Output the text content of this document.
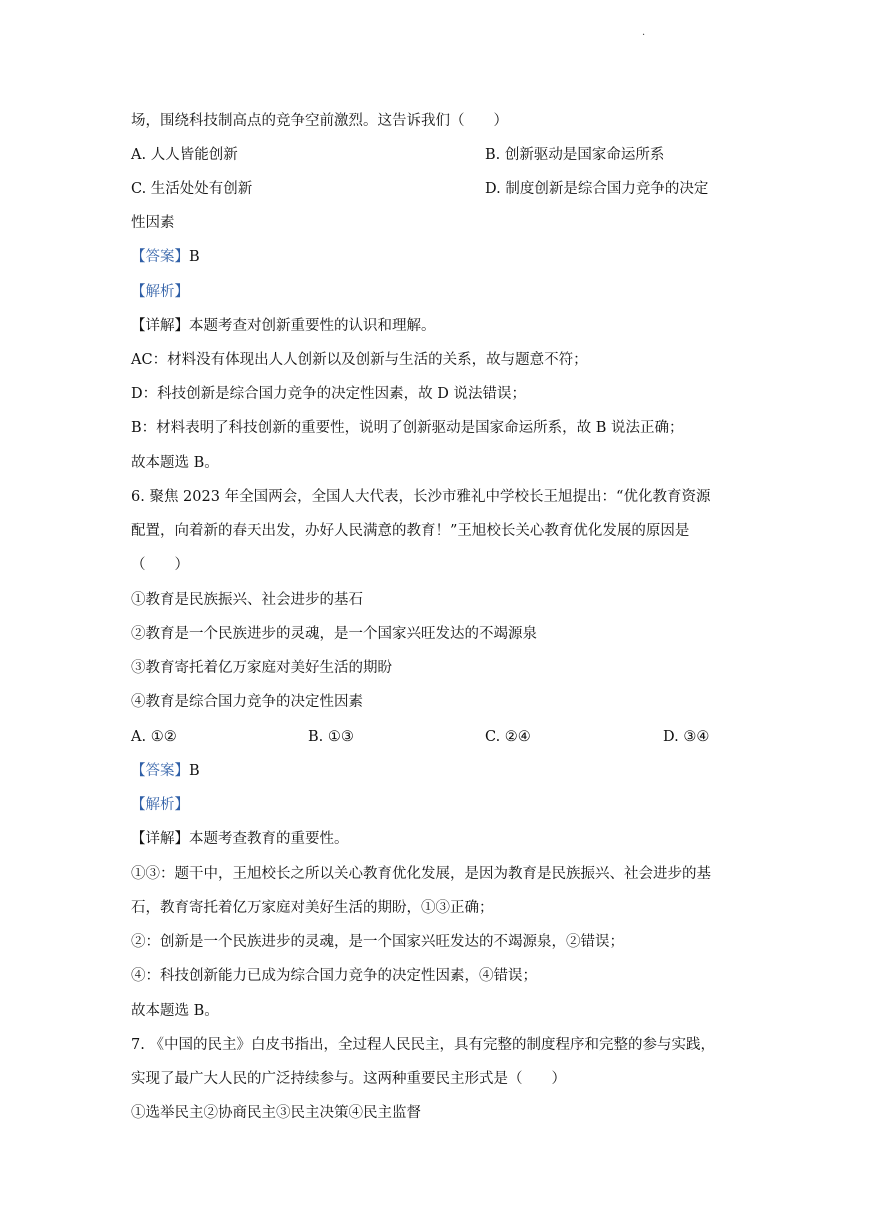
·
场，围绕科技制高点的竞争空前激烈。这告诉我们（　　）
A. 人人皆能创新	B. 创新驱动是国家命运所系
C. 生活处处有创新	D. 制度创新是综合国力竞争的决定
性因素
【答案】B
【解析】
【详解】本题考查对创新重要性的认识和理解。
AC：材料没有体现出人人创新以及创新与生活的关系，故与题意不符；
D：科技创新是综合国力竞争的决定性因素，故 D 说法错误；
B：材料表明了科技创新的重要性，说明了创新驱动是国家命运所系，故 B 说法正确；
故本题选 B。
6. 聚焦 2023 年全国两会，全国人大代表，长沙市雅礼中学校长王旭提出：“优化教育资源
配置，向着新的春天出发，办好人民满意的教育！”王旭校长关心教育优化发展的原因是
（　　）
①教育是民族振兴、社会进步的基石
②教育是一个民族进步的灵魂，是一个国家兴旺发达的不竭源泉
③教育寄托着亿万家庭对美好生活的期盼
④教育是综合国力竞争的决定性因素
A. ①②	B. ①③	C. ②④	D. ③④
【答案】B
【解析】
【详解】本题考查教育的重要性。
①③：题干中，王旭校长之所以关心教育优化发展，是因为教育是民族振兴、社会进步的基
石，教育寄托着亿万家庭对美好生活的期盼，①③正确；
②：创新是一个民族进步的灵魂，是一个国家兴旺发达的不竭源泉，②错误；
④：科技创新能力已成为综合国力竞争的决定性因素，④错误；
故本题选 B。
7. 《中国的民主》白皮书指出，全过程人民民主，具有完整的制度程序和完整的参与实践，
实现了最广大人民的广泛持续参与。这两种重要民主形式是（　　）
①选举民主②协商民主③民主决策④民主监督
